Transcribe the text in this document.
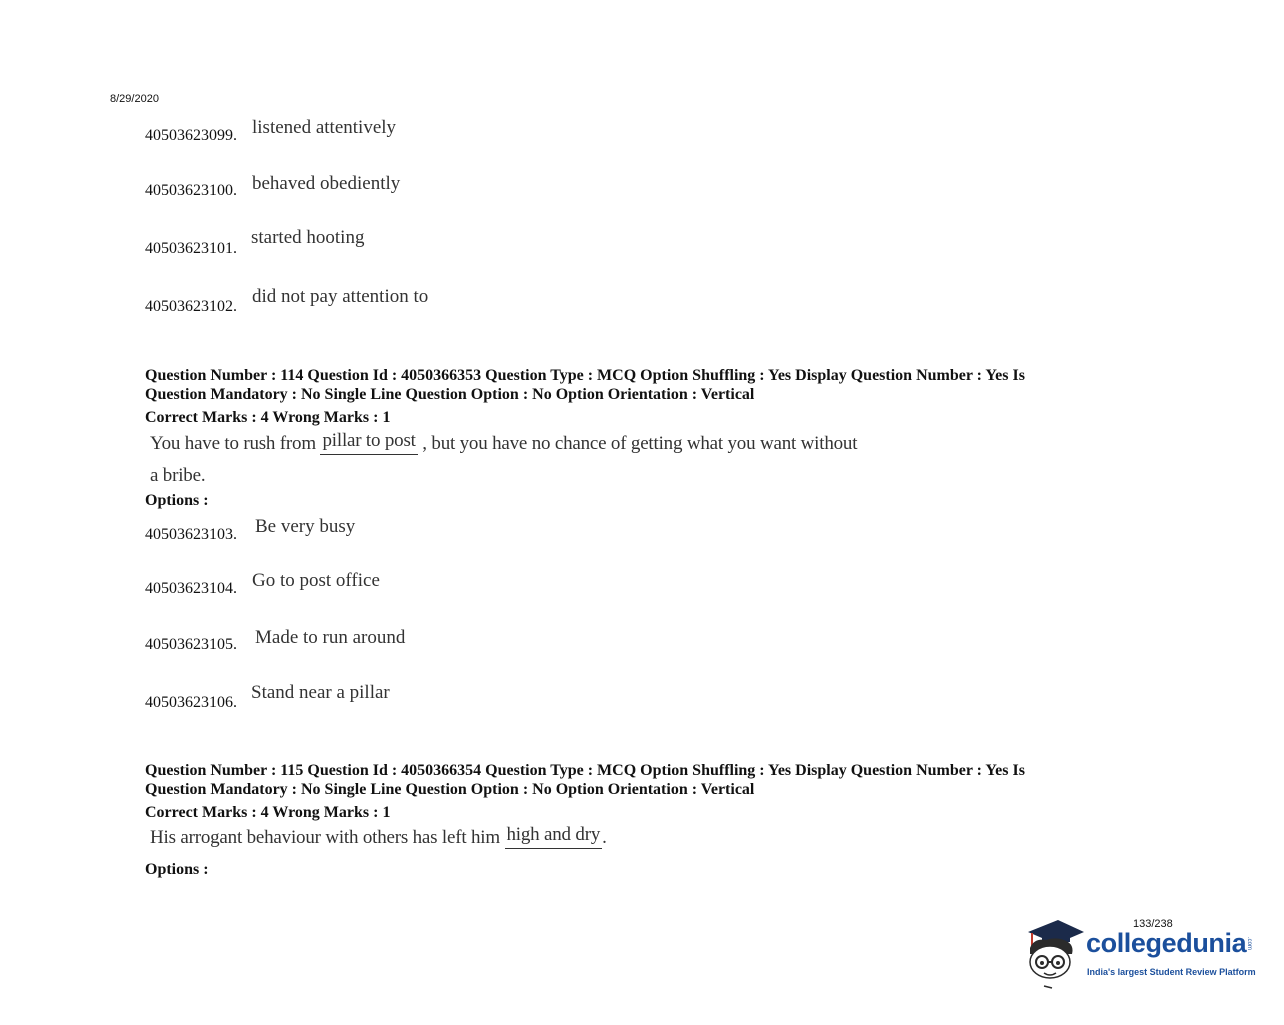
8/29/2020
40503623099. listened attentively
40503623100. behaved obediently
40503623101.
started hooting
40503623102. did not pay attention to
Question Number : 114 Question Id : 4050366353 Question Type : MCQ Option Shuffling : Yes Display Question Number : Yes Is
Question Mandatory : No Single Line Question Option : No Option Orientation : Vertical
Correct Marks : 4 Wrong Marks : 1
You have to rush from pillar to post , but you have no chance of getting what you want without
a bribe.
Options :
40503623103. Be very busy
40503623104. Go to post office
40503623105. Made to run around
40503623106. Stand near a pillar
Question Number : 115 Question Id : 4050366354 Question Type : MCQ Option Shuffling : Yes Display Question Number : Yes Is
Question Mandatory : No Single Line Question Option : No Option Orientation : Vertical
Correct Marks : 4 Wrong Marks : 1
His arrogant behaviour with others has left him high and dry .
Options :
133/238
collegedunia .com
India's largest Student Review Platform
